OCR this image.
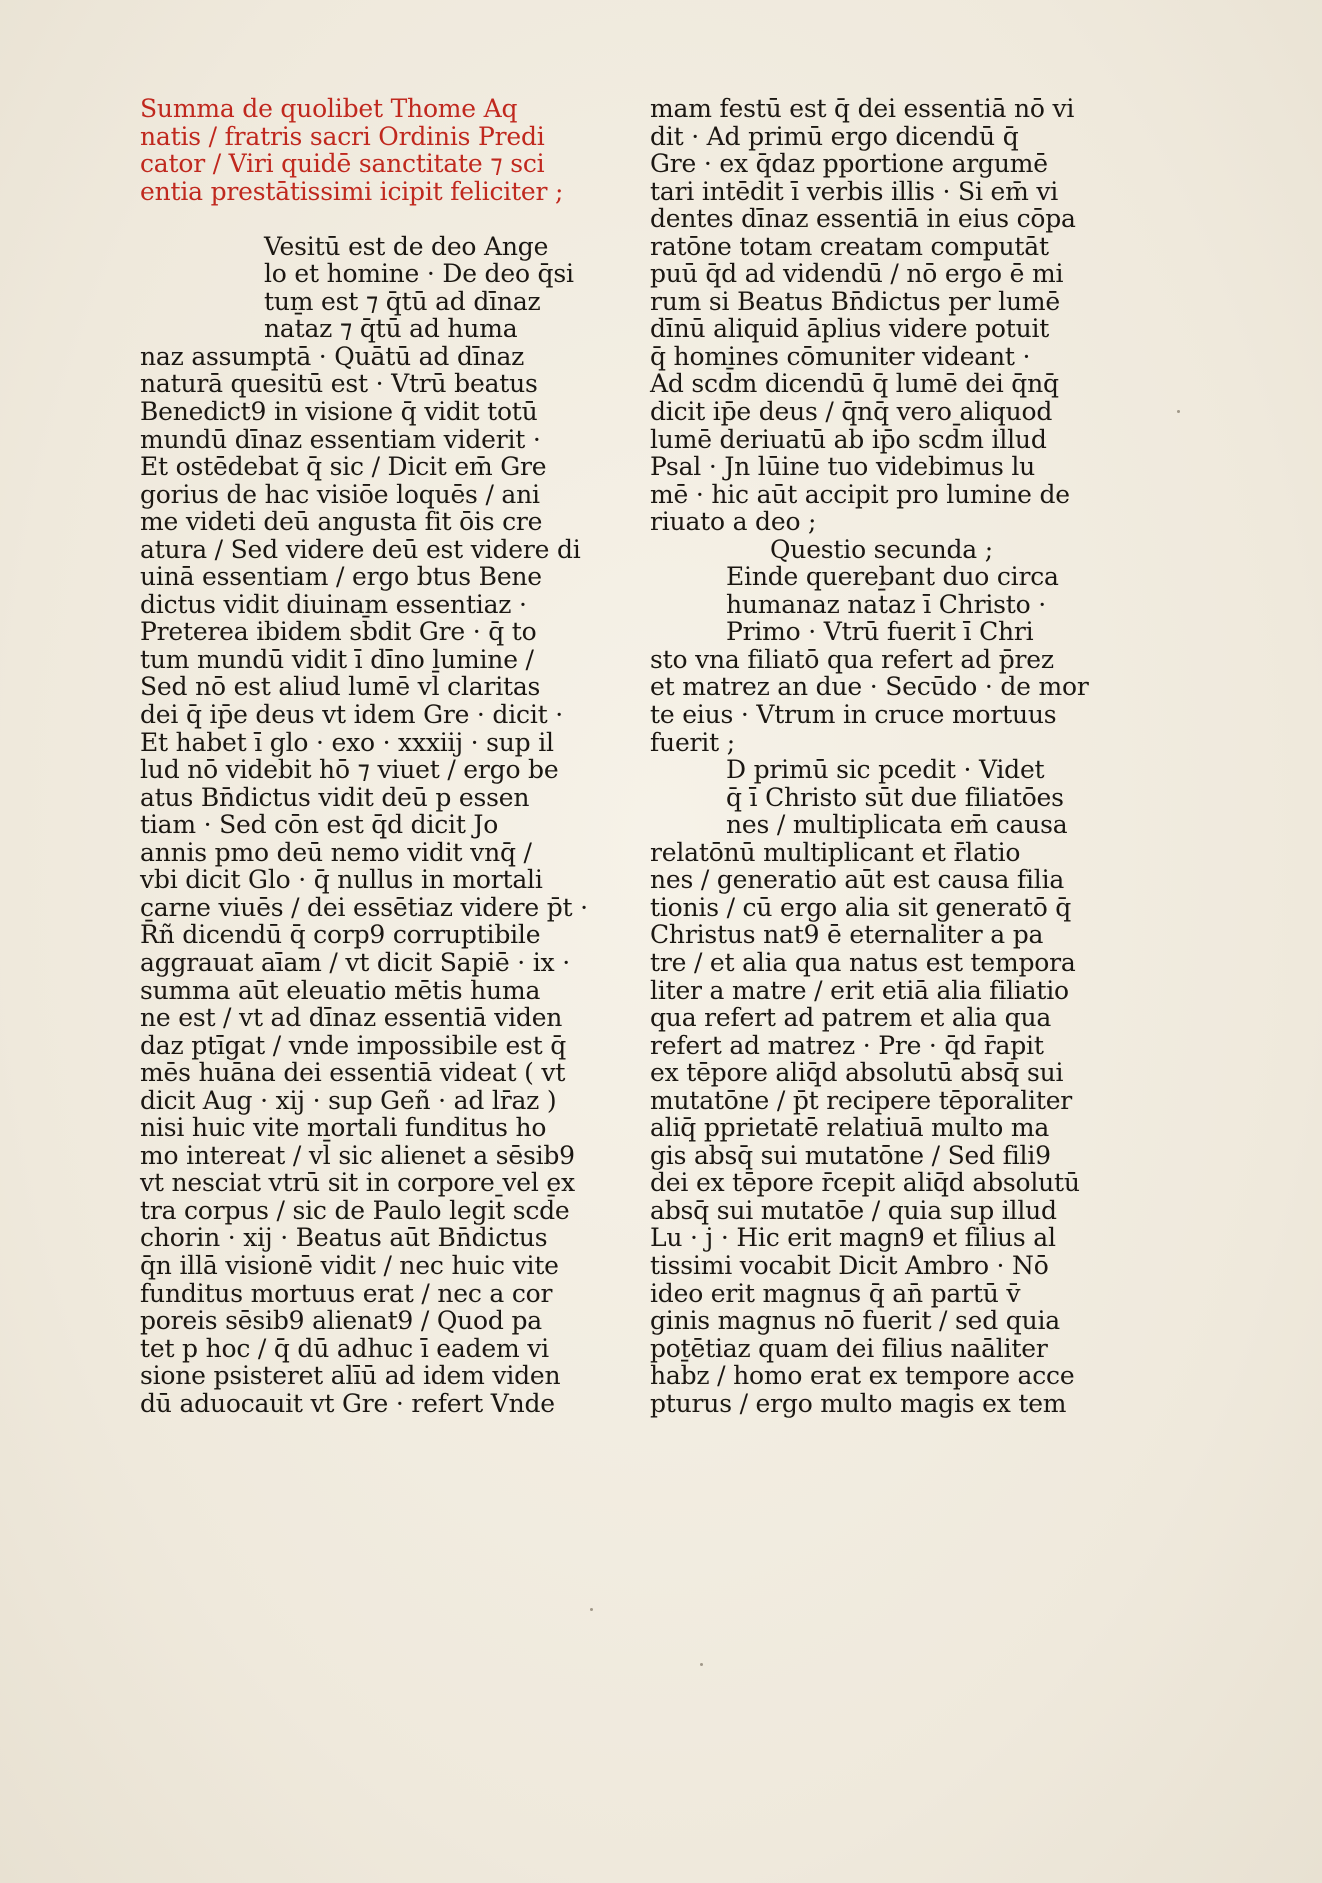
Summa de quolibet Thome Aq
natis / fratris sacri Ordinis Predi
cator / Viri quidē sanctitate ⁊ sci
entia prestātissimi icipit feliciter ;
Vesitū est de deo Ange
lo et homine · De deo q̄si
tum est ⁊ q̄tū ad dīnaz
nat̄az ⁊ q̄tū ad huma
naz assumptā · Quātū ad dīnaz
naturā quesitū est · Vtrū beatus
Benedict9 in visione q̄ vidit totū
mundū dīnaz essentiam viderit ·
Et ostēdebat q̄ sic / Dicit em̄ Gre
gorius de hac visiōe loquēs / ani
me videti deū angusta fit ōis cre
atura / Sed videre deū est videre di
uinā essentiam / ergo btus Bene
dictus vidit diuinam essentiaz ·
Preterea ibidem sb̄dit Gre · q̄ to
tum mundū vidit ī dīno lumine /
Sed nō est aliud lumē vl̄ claritas
dei q̄ ip̄e deus vt idem Gre · dicit ·
Et habet ī glo · exo · xxxiij · sup il
lud nō videbit hō ⁊ viuet / ergo be
atus Bn̄dictus vidit deū p essen
tiam · Sed cōn est q̄d dicit Jo
annis pmo deū nemo vidit vnq̄ /
vbi dicit Glo · q̄ nullus in mortali
carne viuēs / dei essētiaz videre p̄t ·
R̄ñ dicendū q̄ corp9 corruptibile
aggrauat aīam / vt dicit Sapiē · ix ·
summa aūt eleuatio mētis huma
ne est / vt ad dīnaz essentiā viden
daz ptīgat / vnde impossibile est q̄
mēs huāna dei essentiā videat ( vt
dicit Aug · xij · sup Geñ · ad lr̄az )
nisi huic vite mortali funditus ho
mo intereat / vl̄ sic alienet a sēsib9
vt nesciat vtrū sit in corpore vel ex
tra corpus / sic de Paulo legit̄ scd̄e
chorin · xij · Beatus aūt Bn̄dictus
q̄n illā visionē vidit / nec huic vite
funditus mortuus erat / nec a cor
poreis sēsib9 alienat9 / Quod pa
tet p hoc / q̄ dū adhuc ī eadem vi
sione psisteret alīū ad idem viden
dū aduocauit vt Gre · refert Vnde
mam festū est q̄ dei essentiā nō vi
dit · Ad primū ergo dicendū q̄
Gre · ex q̄daz pportione argumē
tari intēdit ī verbis illis · Si em̄ vi
dentes dīnaz essentiā in eius cōpa
ratōne totam creatam computāt
puū q̄d ad videndū / nō ergo ē mi
rum si Beatus Bn̄dictus per lumē
dīnū aliquid āplius videre potuit
q̄ homines cōmuniter videant ·
Ad scd̄m dicendū q̄ lumē dei q̄nq̄
dicit ip̄e deus / q̄nq̄ vero aliquod
lumē deriuatū ab ip̄o scd̄m illud
Psal · Jn lūine tuo videbimus lu
mē · hic aūt accipit pro lumine de
riuato a deo ;
Questio secunda ;
Einde querebant duo circa
humanaz nat̄az ī Christo ·
Primo · Vtrū fuerit ī Chri
sto vna filiatō qua refert ad p̄rez
et matrez an due · Secūdo · de mor
te eius · Vtrum in cruce mortuus
fuerit ;
D primū sic pcedit · Videt
q̄ ī Christo sūt due filiatōes
nes / multiplicata em̄ causa
relatōnū multiplicant et r̄latio
nes / generatio aūt est causa filia
tionis / cū ergo alia sit generatō q̄
Christus nat9 ē eternaliter a pa
tre / et alia qua natus est tempora
liter a matre / erit etiā alia filiatio
qua refert ad patrem et alia qua
refert ad matrez · Pre · q̄d r̄apit
ex tēpore aliq̄d absolutū absq̄ sui
mutatōne / p̄t recipere tēporaliter
aliq̄ pprietatē relatiuā multo ma
gis absq̄ sui mutatōne / Sed fili9
dei ex tēpore r̄cepit aliq̄d absolutū
absq̄ sui mutatōe / quia sup illud
Lu · j · Hic erit magn9 et filius al
tissimi vocabit Dicit Ambro · Nō
ideo erit magnus q̄ an̄ partū v̄
ginis magnus nō fuerit / sed quia
potētiaz quam dei filius naāliter
hab̄z / homo erat ex tempore acce
pturus / ergo multo magis ex tem
